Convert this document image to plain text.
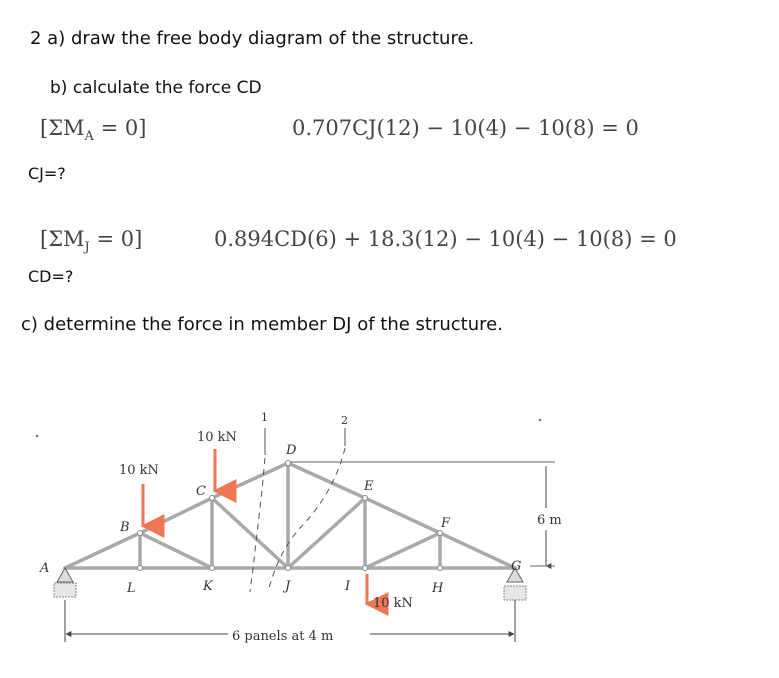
2 a) draw the free body diagram of the structure.
b) calculate the force CD
$[\Sigma M_A = 0]$	0.707CJ(12) − 10(4) − 10(8) = 0
CJ=?
$[\Sigma M_J = 0]$	0.894CD(6) + 18.3(12) − 10(4) − 10(8) = 0
CD=?
c) determine the force in member DJ of the structure.
A
B
C
D
E
F
G
H
I
J
K
L
10 kN
10 kN
10 kN
6 m
6 panels at 4 m
1	2
